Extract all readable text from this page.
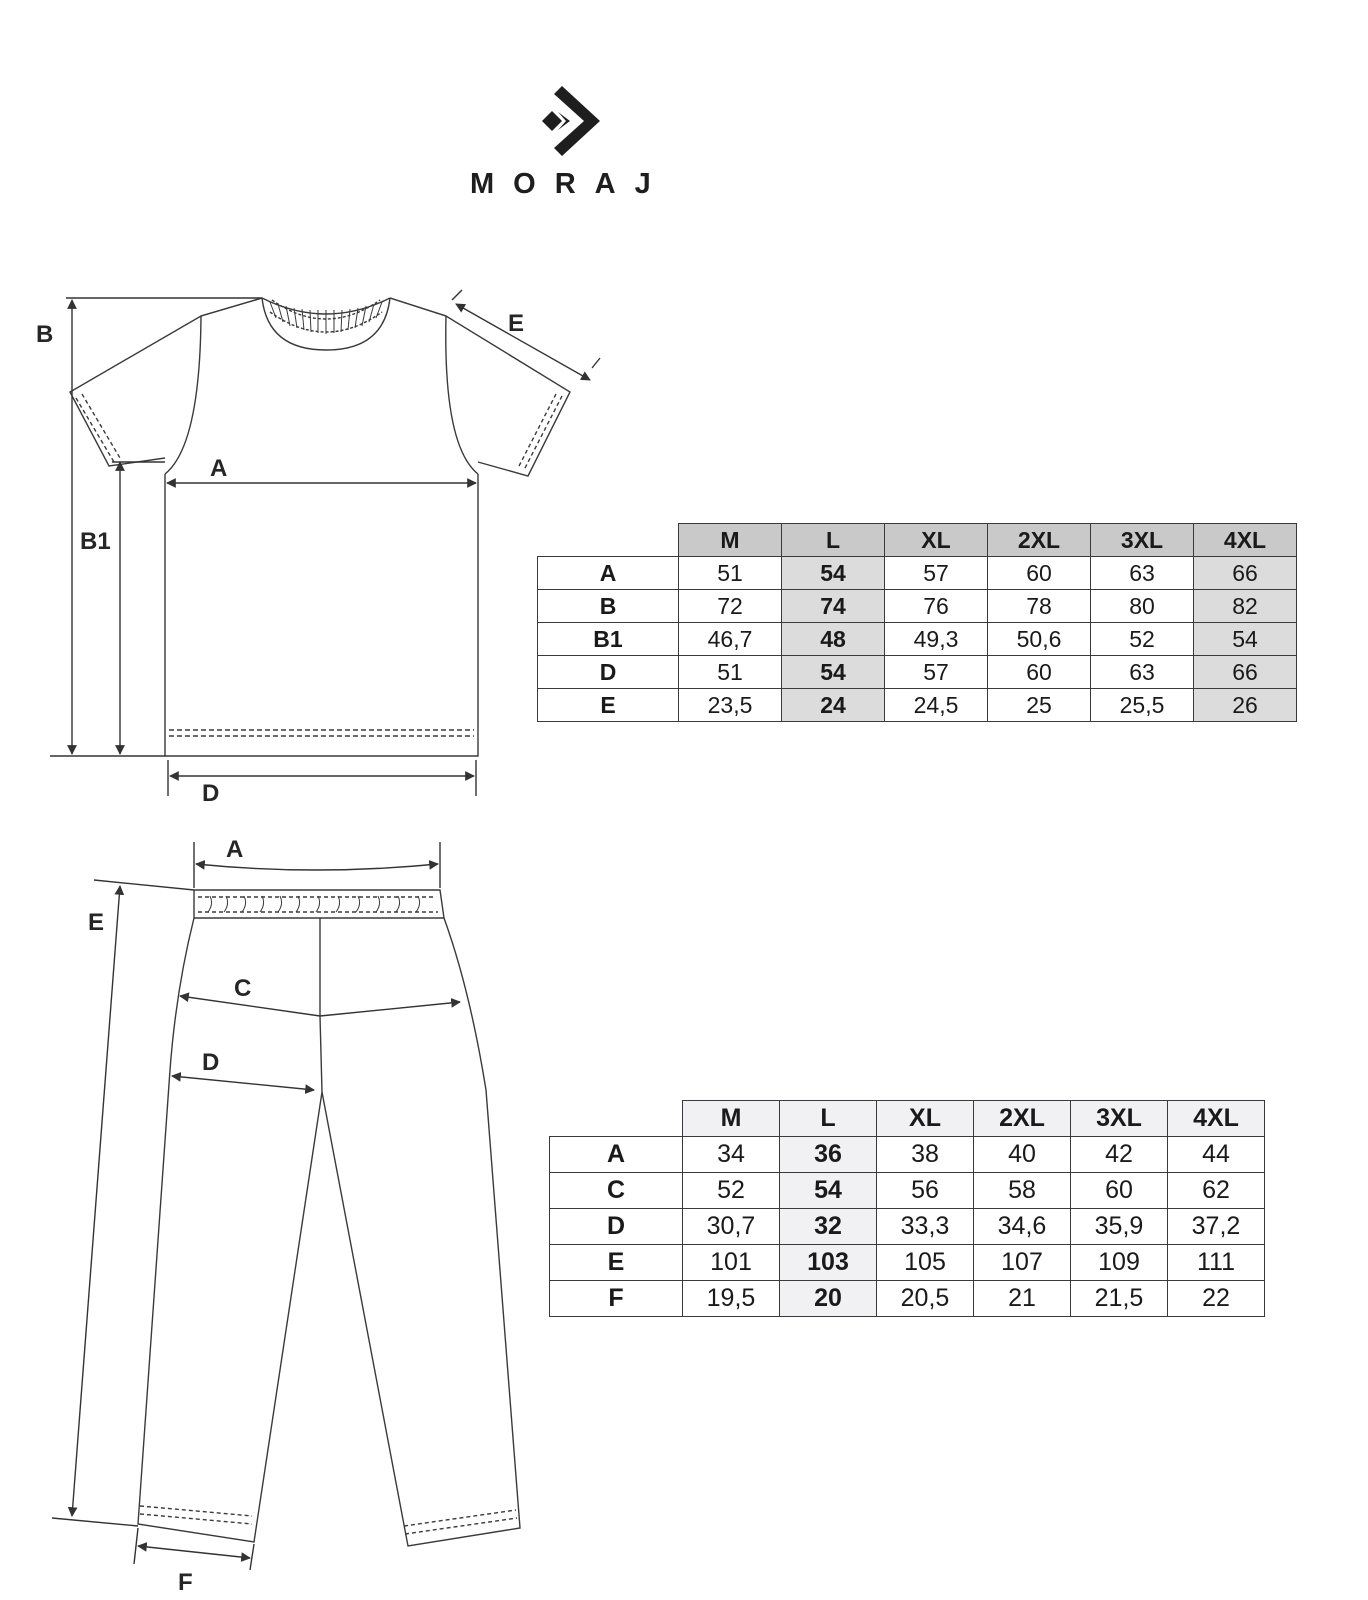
MORAJ
B
B1
A
D
E
A
E
C
D
F
	M	L	XL	2XL	3XL	4XL
A	51	54	57	60	63	66
B	72	74	76	78	80	82
B1	46,7	48	49,3	50,6	52	54
D	51	54	57	60	63	66
E	23,5	24	24,5	25	25,5	26
	M	L	XL	2XL	3XL	4XL
A	34	36	38	40	42	44
C	52	54	56	58	60	62
D	30,7	32	33,3	34,6	35,9	37,2
E	101	103	105	107	109	111
F	19,5	20	20,5	21	21,5	22
